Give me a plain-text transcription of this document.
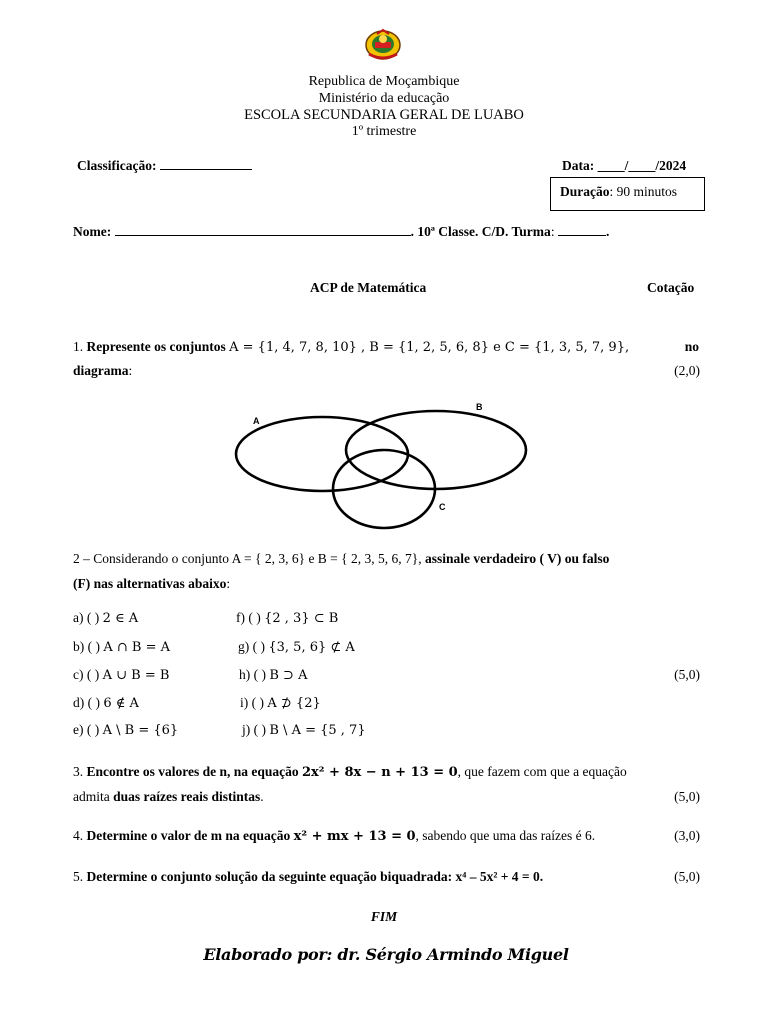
Republica de Moçambique
Ministério da educação
ESCOLA SECUNDARIA GERAL DE LUABO
1º trimestre
Classificação:	Data: ____/____/2024
Duração: 90 minutos
Nome:	. 10ª Classe. C/D. Turma:	.
ACP de Matemática	Cotação
1. Represente os conjuntos A = {1, 4, 7, 8, 10} , B = {1, 2, 5, 6, 8} e C = {1, 3, 5, 7, 9},	no
diagrama:	(2,0)
A
B
C
2 – Considerando o conjunto A = { 2, 3, 6} e B = { 2, 3, 5, 6, 7}, assinale verdadeiro ( V) ou falso
(F) nas alternativas abaixo:
a) ( ) 2 ∈ A
b) ( ) A ∩ B = A
c) ( ) A ∪ B = B
d) ( ) 6 ∉ A
e) ( ) A \ B = {6}
f) ( ) {2 , 3} ⊂ B
g) ( ) {3, 5, 6} ⊄ A
h) ( ) B ⊃ A
i) ( ) A ⊅ {2}
j) ( ) B \ A = {5 , 7}
(5,0)
3. Encontre os valores de n, na equação 2x² + 8x − n + 13 = 0, que fazem com que a equação
admita duas raízes reais distintas.	(5,0)
4. Determine o valor de m na equação x² + mx + 13 = 0, sabendo que uma das raízes é 6.	(3,0)
5. Determine o conjunto solução da seguinte equação biquadrada: x⁴ – 5x² + 4 = 0.	(5,0)
FIM
Elaborado por: dr. Sérgio Armindo Miguel
